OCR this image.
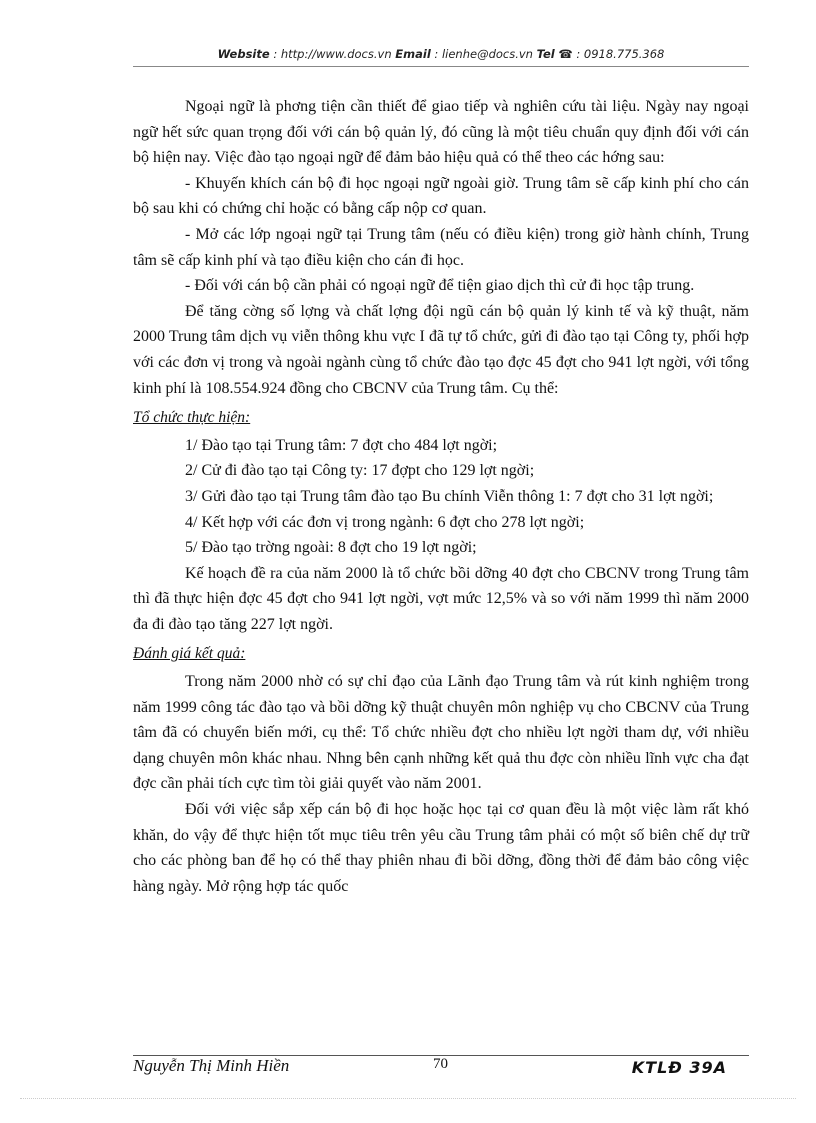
Website : http://www.docs.vn Email : lienhe@docs.vn Tel ☎ : 0918.775.368

Ngoại ngữ là phơng tiện cần thiết để giao tiếp và nghiên cứu tài liệu. Ngày nay ngoại ngữ hết sức quan trọng đối với cán bộ quản lý, đó cũng là một tiêu chuẩn quy định đối với cán bộ hiện nay. Việc đào tạo ngoại ngữ để đảm bảo hiệu quả có thể theo các hớng sau:

- Khuyến khích cán bộ đi học ngoại ngữ ngoài giờ. Trung tâm sẽ cấp kinh phí cho cán bộ sau khi có chứng chỉ hoặc có bằng cấp nộp cơ quan.

- Mở các lớp ngoại ngữ tại Trung tâm (nếu có điều kiện) trong giờ hành chính, Trung tâm sẽ cấp kinh phí và tạo điều kiện cho cán đi học.

- Đối với cán bộ cần phải có ngoại ngữ để tiện giao dịch thì cử đi học tập trung.

Để tăng cờng số lợng và chất lợng đội ngũ cán bộ quản lý kinh tế và kỹ thuật, năm 2000 Trung tâm dịch vụ viễn thông khu vực I đã tự tổ chức, gửi đi đào tạo tại Công ty, phối hợp với các đơn vị trong và ngoài ngành cùng tổ chức đào tạo đợc 45 đợt cho 941 lợt ngời, với tổng kinh phí là 108.554.924 đồng cho CBCNV của Trung tâm. Cụ thể:

Tổ chức thực hiện:

1/ Đào tạo tại Trung tâm: 7 đợt cho 484 lợt ngời;

2/ Cử đi đào tạo tại Công ty: 17 đợpt cho 129 lợt ngời;

3/ Gửi đào tạo tại Trung tâm đào tạo Bu chính Viễn thông 1: 7 đợt cho 31 lợt ngời;

4/ Kết hợp với các đơn vị trong ngành: 6 đợt cho 278 lợt ngời;

5/ Đào tạo trờng ngoài: 8 đợt cho 19 lợt ngời;

Kế hoạch đề ra của năm 2000 là tổ chức bồi dỡng 40 đợt cho CBCNV trong Trung tâm thì đã thực hiện đợc 45 đợt cho 941 lợt ngời, vợt mức 12,5% và so với năm 1999 thì năm 2000 đa đi đào tạo tăng 227 lợt ngời.

Đánh giá kết quả:

Trong năm 2000 nhờ có sự chỉ đạo của Lãnh đạo Trung tâm và rút kinh nghiệm trong năm 1999 công tác đào tạo và bồi dỡng kỹ thuật chuyên môn nghiệp vụ cho CBCNV của Trung tâm đã có chuyển biến mới, cụ thể: Tổ chức nhiều đợt cho nhiều lợt ngời tham dự, với nhiều dạng chuyên môn khác nhau. Nhng bên cạnh những kết quả thu đợc còn nhiều lĩnh vực cha đạt đợc cần phải tích cực tìm tòi giải quyết vào năm 2001.

Đối với việc sắp xếp cán bộ đi học hoặc học tại cơ quan đều là một việc làm rất khó khăn, do vậy để thực hiện tốt mục tiêu trên yêu cầu Trung tâm phải có một số biên chế dự trữ cho các phòng ban để họ có thể thay phiên nhau đi bồi dỡng, đồng thời để đảm bảo công việc hàng ngày. Mở rộng hợp tác quốc

Nguyễn Thị Minh Hiền	70	KTLĐ 39A
